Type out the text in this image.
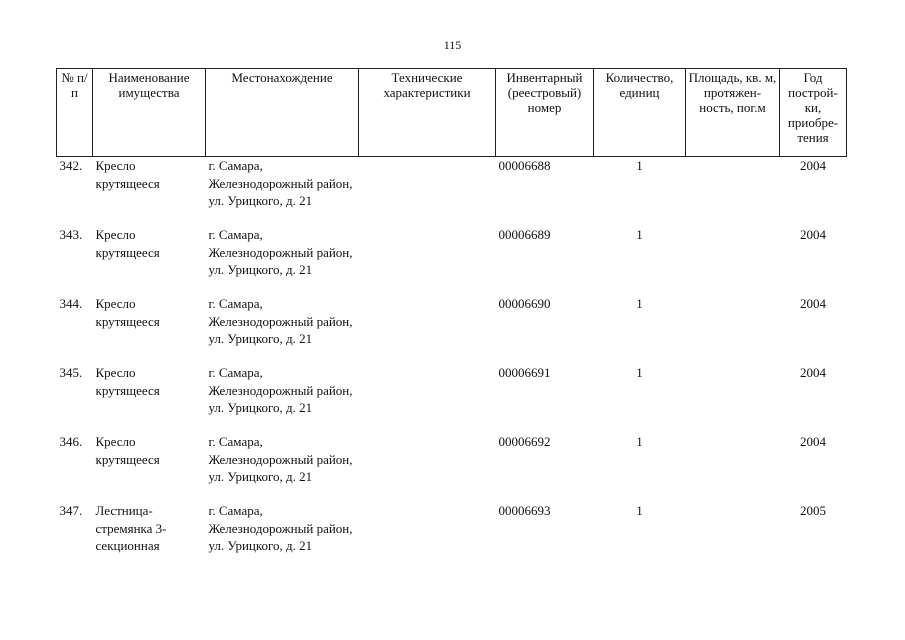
115
№ п/п	Наименование имущества	Местонахождение	Технические характеристики	Инвентарный (реестровый) номер	Количество, единиц	Площадь, кв. м, протяжен-ность, пог.м	Год построй-ки, приобре-тения
342.	Кресло крутящееся	г. Самара, Железнодорожный район, ул. Урицкого, д. 21		00006688	1		2004
343.	Кресло крутящееся	г. Самара, Железнодорожный район, ул. Урицкого, д. 21		00006689	1		2004
344.	Кресло крутящееся	г. Самара, Железнодорожный район, ул. Урицкого, д. 21		00006690	1		2004
345.	Кресло крутящееся	г. Самара, Железнодорожный район, ул. Урицкого, д. 21		00006691	1		2004
346.	Кресло крутящееся	г. Самара, Железнодорожный район, ул. Урицкого, д. 21		00006692	1		2004
347.	Лестница-стремянка 3-секционная	г. Самара, Железнодорожный район, ул. Урицкого, д. 21		00006693	1		2005
